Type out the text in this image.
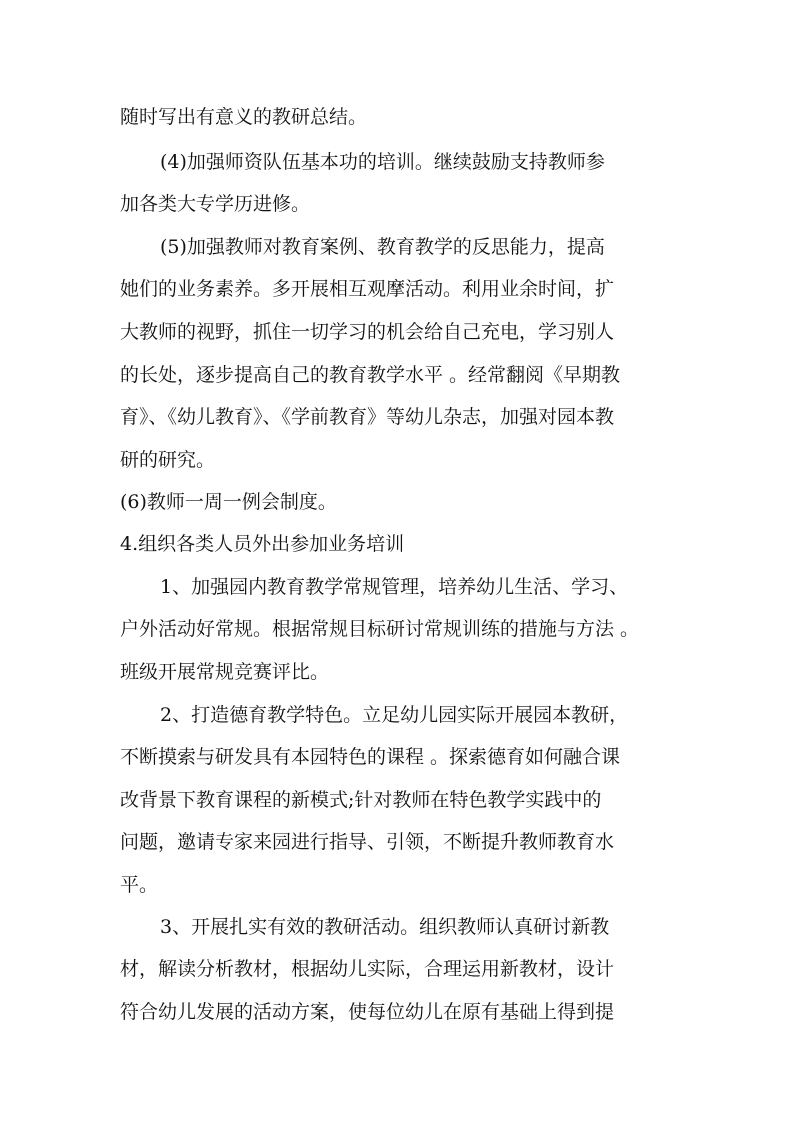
随时写出有意义的教研总结。
(4)加强师资队伍基本功的培训。继续鼓励支持教师参
加各类大专学历进修。
(5)加强教师对教育案例、教育教学的反思能力，提高
她们的业务素养。多开展相互观摩活动。利用业余时间，扩
大教师的视野，抓住一切学习的机会给自己充电，学习别人
的长处，逐步提高自己的教育教学水平 。经常翻阅《早期教
育》、《幼儿教育》、《学前教育》等幼儿杂志，加强对园本教
研的研究。
(6)教师一周一例会制度。
4.组织各类人员外出参加业务培训
1、加强园内教育教学常规管理，培养幼儿生活、学习、
户外活动好常规。根据常规目标研讨常规训练的措施与方法 。
班级开展常规竞赛评比。
2、打造德育教学特色。立足幼儿园实际开展园本教研，
不断摸索与研发具有本园特色的课程 。探索德育如何融合课
改背景下教育课程的新模式;针对教师在特色教学实践中的
问题，邀请专家来园进行指导、引领，不断提升教师教育水
平。
3、开展扎实有效的教研活动。组织教师认真研讨新教
材，解读分析教材，根据幼儿实际，合理运用新教材，设计
符合幼儿发展的活动方案，使每位幼儿在原有基础上得到提
